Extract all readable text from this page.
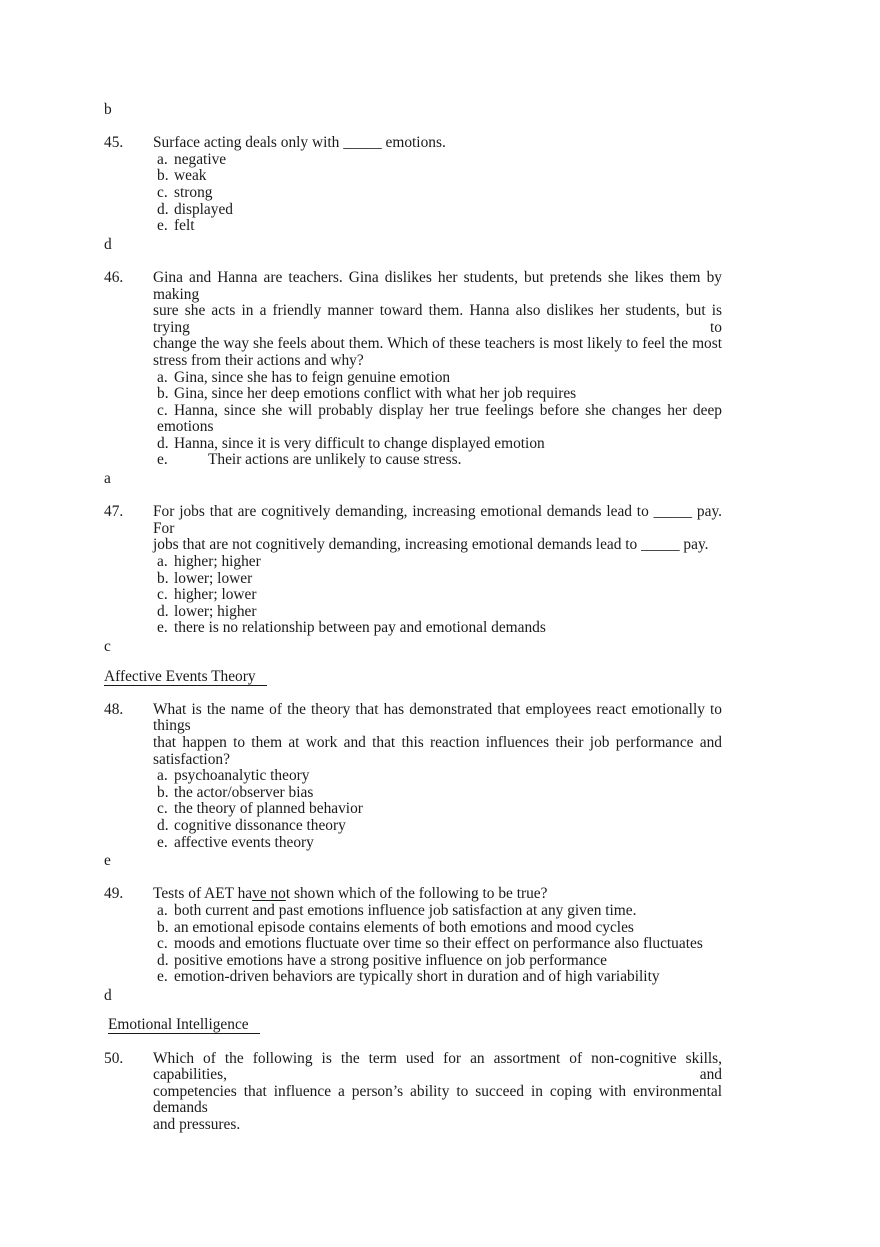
b
45.	Surface acting deals only with _____ emotions.
a. negative
b. weak
c. strong
d. displayed
e. felt
d
46.	Gina and Hanna are teachers. Gina dislikes her students, but pretends she likes them by making
sure she acts in a friendly manner toward them. Hanna also dislikes her students, but is trying to
change the way she feels about them. Which of these teachers is most likely to feel the most
stress from their actions and why?
a. Gina, since she has to feign genuine emotion
b. Gina, since her deep emotions conflict with what her job requires
c. Hanna, since she will probably display her true feelings before she changes her deep
emotions
d. Hanna, since it is very difficult to change displayed emotion
e.	Their actions are unlikely to cause stress.
a
47.	For jobs that are cognitively demanding, increasing emotional demands lead to _____ pay. For
jobs that are not cognitively demanding, increasing emotional demands lead to _____ pay.
a. higher; higher
b. lower; lower
c. higher; lower
d. lower; higher
e. there is no relationship between pay and emotional demands
c
Affective Events Theory
48.	What is the name of the theory that has demonstrated that employees react emotionally to things
that happen to them at work and that this reaction influences their job performance and
satisfaction?
a. psychoanalytic theory
b. the actor/observer bias
c. the theory of planned behavior
d. cognitive dissonance theory
e. affective events theory
e
49.	Tests of AET have not shown which of the following to be true?
a. both current and past emotions influence job satisfaction at any given time.
b. an emotional episode contains elements of both emotions and mood cycles
c. moods and emotions fluctuate over time so their effect on performance also fluctuates
d. positive emotions have a strong positive influence on job performance
e. emotion-driven behaviors are typically short in duration and of high variability
d
Emotional Intelligence
50.	Which of the following is the term used for an assortment of non-cognitive skills, capabilities, and
competencies that influence a person’s ability to succeed in coping with environmental demands
and pressures.
